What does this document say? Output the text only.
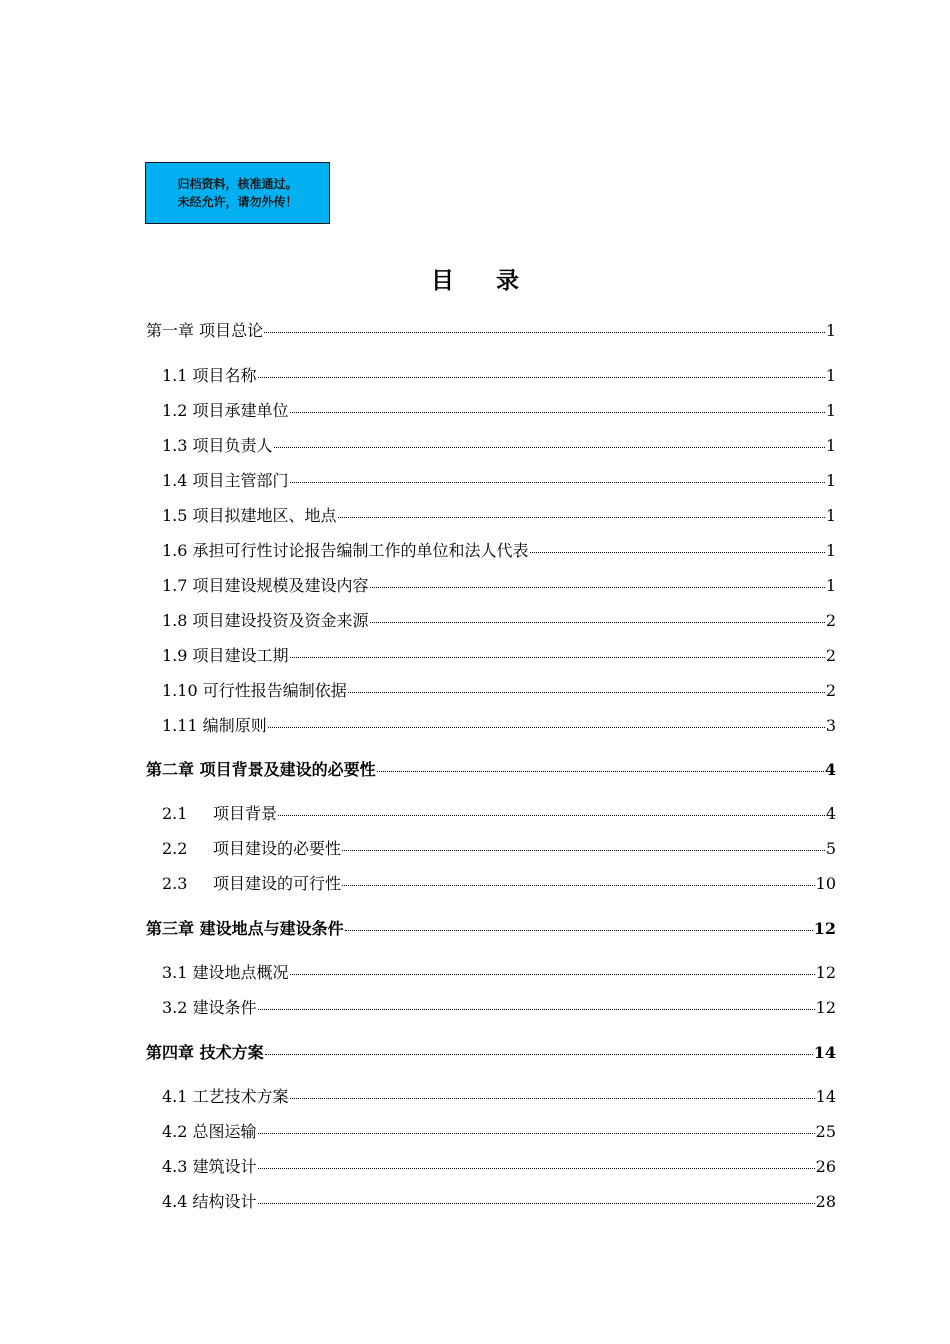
归档资料，核准通过。
未经允许，请勿外传！
目 录
第一章 项目总论	1
1.1 项目名称	1
1.2 项目承建单位	1
1.3 项目负责人	1
1.4 项目主管部门	1
1.5 项目拟建地区、地点	1
1.6 承担可行性讨论报告编制工作的单位和法人代表	1
1.7 项目建设规模及建设内容	1
1.8 项目建设投资及资金来源	2
1.9 项目建设工期	2
1.10 可行性报告编制依据	2
1.11 编制原则	3
第二章 项目背景及建设的必要性	4
2.1 项目背景	4
2.2 项目建设的必要性	5
2.3 项目建设的可行性	10
第三章 建设地点与建设条件	12
3.1 建设地点概况	12
3.2 建设条件	12
第四章 技术方案	14
4.1 工艺技术方案	14
4.2 总图运输	25
4.3 建筑设计	26
4.4 结构设计	28
